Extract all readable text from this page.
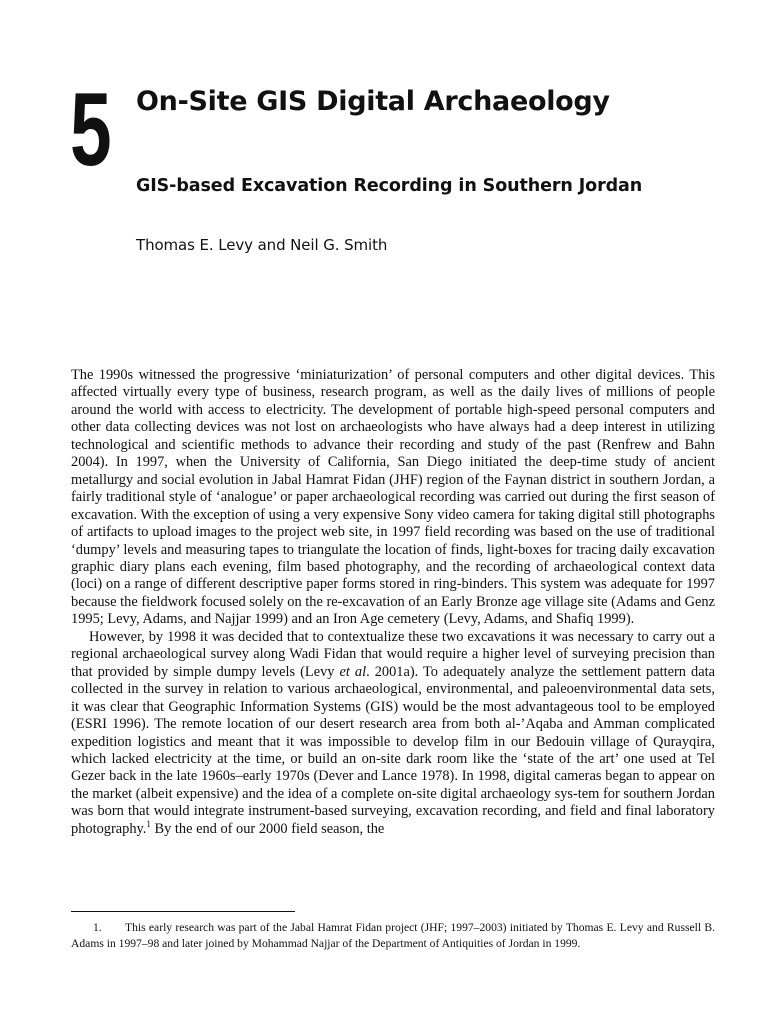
5 On-Site GIS Digital Archaeology
GIS-based Excavation Recording in Southern Jordan
Thomas E. Levy and Neil G. Smith

The 1990s witnessed the progressive ‘miniaturization’ of personal computers and other digital devices. This affected virtually every type of business, research program, as well as the daily lives of millions of people around the world with access to electricity. The development of portable high-speed personal computers and other data collecting devices was not lost on archaeologists who have always had a deep interest in utilizing technological and scientific methods to advance their recording and study of the past (Renfrew and Bahn 2004). In 1997, when the University of California, San Diego initiated the deep-time study of ancient metallurgy and social evolution in Jabal Hamrat Fidan (JHF) region of the Faynan district in southern Jordan, a fairly traditional style of ‘analogue’ or paper archaeological recording was carried out during the first season of excavation. With the exception of using a very expensive Sony video camera for taking digital still photographs of artifacts to upload images to the project web site, in 1997 field recording was based on the use of traditional ‘dumpy’ levels and measuring tapes to triangulate the location of finds, light-boxes for tracing daily excavation graphic diary plans each evening, film based photography, and the recording of archaeological context data (loci) on a range of different descriptive paper forms stored in ring-binders. This system was adequate for 1997 because the fieldwork focused solely on the re-excavation of an Early Bronze age village site (Adams and Genz 1995; Levy, Adams, and Najjar 1999) and an Iron Age cemetery (Levy, Adams, and Shafiq 1999).

However, by 1998 it was decided that to contextualize these two excavations it was necessary to carry out a regional archaeological survey along Wadi Fidan that would require a higher level of surveying precision than that provided by simple dumpy levels (Levy et al. 2001a). To adequately analyze the settlement pattern data collected in the survey in relation to various archaeological, environmental, and paleoenvironmental data sets, it was clear that Geographic Information Systems (GIS) would be the most advantageous tool to be employed (ESRI 1996). The remote location of our desert research area from both al-’Aqaba and Amman complicated expedition logistics and meant that it was impossible to develop film in our Bedouin village of Qurayqira, which lacked electricity at the time, or build an on-site dark room like the ‘state of the art’ one used at Tel Gezer back in the late 1960s–early 1970s (Dever and Lance 1978). In 1998, digital cameras began to appear on the market (albeit expensive) and the idea of a complete on-site digital archaeology sys-tem for southern Jordan was born that would integrate instrument-based surveying, excavation recording, and field and final laboratory photography.$^1$ By the end of our 2000 field season, the

1. This early research was part of the Jabal Hamrat Fidan project (JHF; 1997–2003) initiated by Thomas E. Levy and Russell B. Adams in 1997–98 and later joined by Mohammad Najjar of the Department of Antiquities of Jordan in 1999.
